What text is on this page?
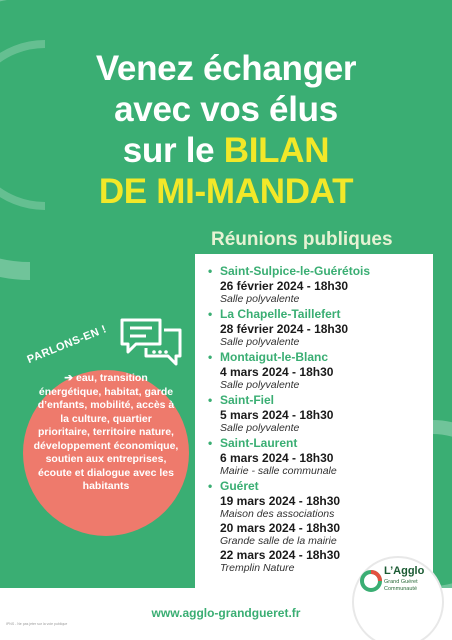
Venez échanger
avec vos élus
sur le BILAN
DE MI-MANDAT
Réunions publiques
• Saint-Sulpice-le-Guérétois
26 février 2024 - 18h30
Salle polyvalente
• La Chapelle-Taillefert
28 février 2024 - 18h30
Salle polyvalente
• Montaigut-le-Blanc
4 mars 2024 - 18h30
Salle polyvalente
• Saint-Fiel
5 mars 2024 - 18h30
Salle polyvalente
• Saint-Laurent
6 mars 2024 - 18h30
Mairie - salle communale
• Guéret
19 mars 2024 - 18h30
Maison des associations
20 mars 2024 - 18h30
Grande salle de la mairie
22 mars 2024 - 18h30
Tremplin Nature
PARLONS-EN !
➔ eau, transition énergétique, habitat, garde d’enfants, mobilité, accès à la culture, quartier prioritaire, territoire nature, développement économique, soutien aux entreprises, écoute et dialogue avec les habitants
www.agglo-grandgueret.fr
IPNS - Ne pas jeter sur la voie publique
L’Agglo
Grand Guéret
Communauté
